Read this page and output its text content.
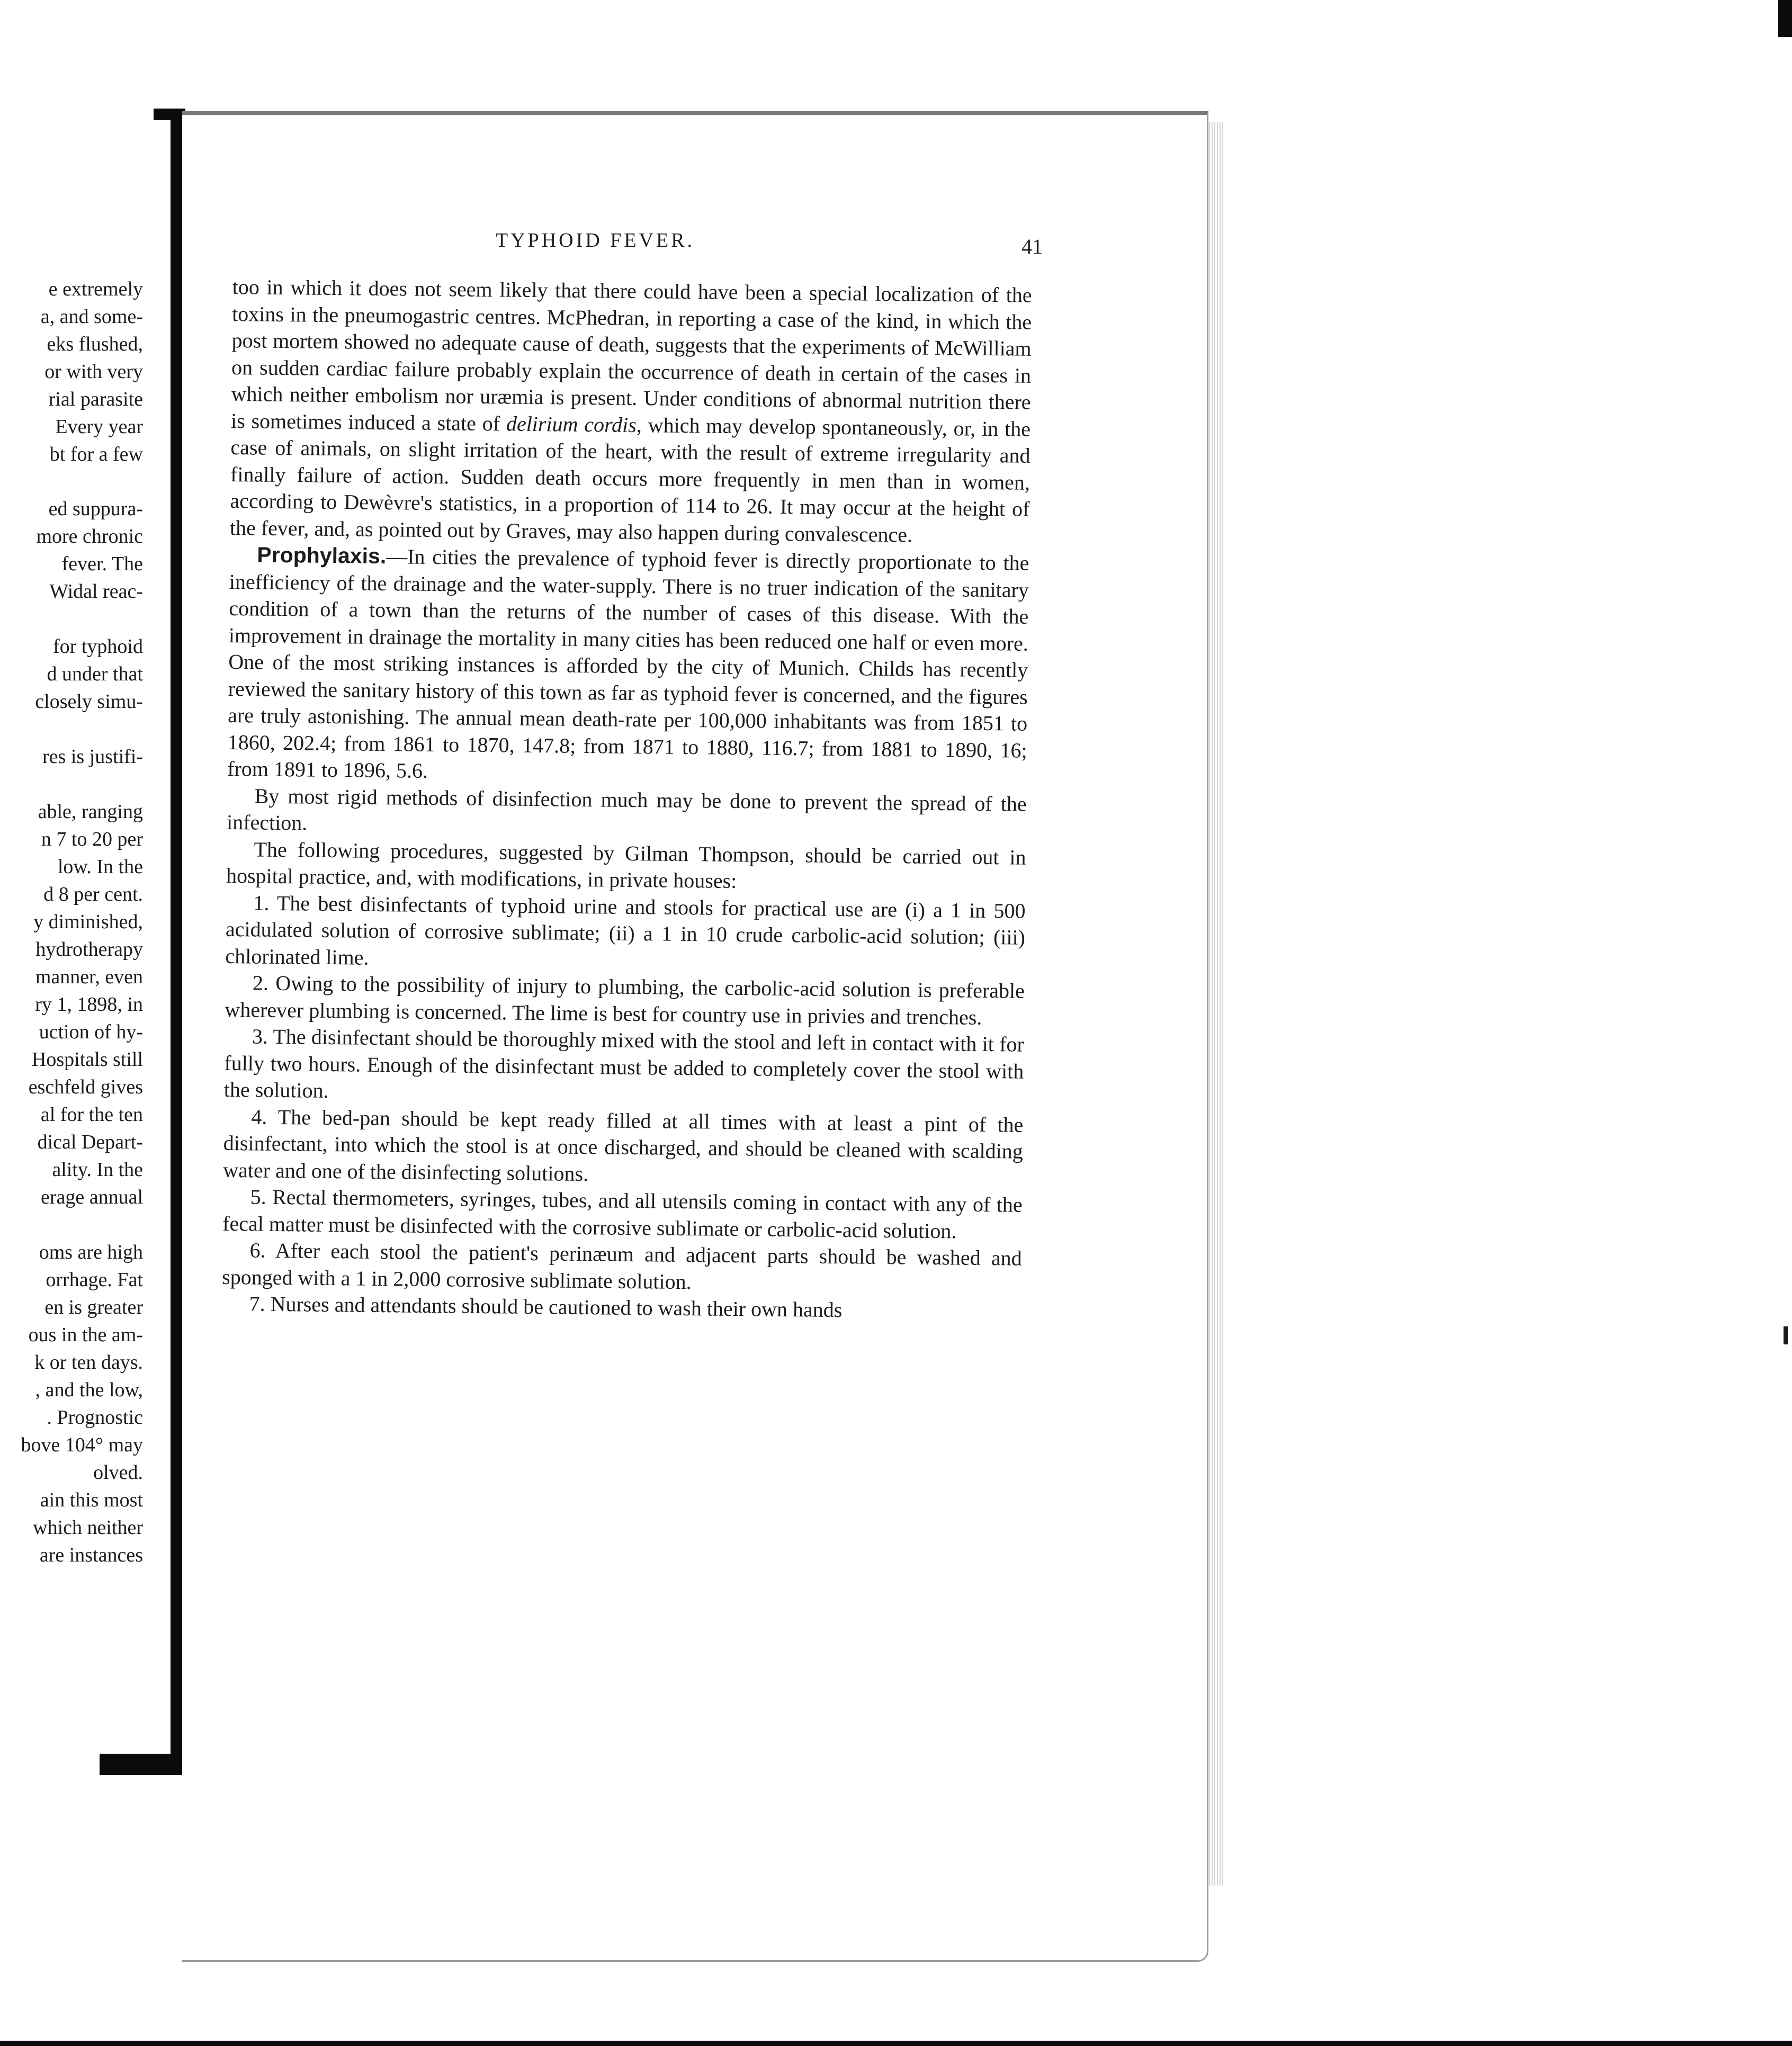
e extremely
a, and some-
eks flushed,
or with very
rial parasite
Every year
bt for a few
ed suppura-
more chronic
fever. The
Widal reac-
for typhoid
d under that
closely simu-
res is justifi-
able, ranging
n 7 to 20 per
low. In the
d 8 per cent.
y diminished,
hydrotherapy
manner, even
ry 1, 1898, in
uction of hy-
Hospitals still
eschfeld gives
al for the ten
dical Depart-
ality. In the
erage annual
oms are high
orrhage. Fat
en is greater
ous in the am-
k or ten days.
, and the low,
. Prognostic
bove 104° may
olved.
ain this most
which neither
are instances
TYPHOID FEVER.	41

too in which it does not seem likely that there could have been a special localization of the toxins in the pneumogastric centres. McPhedran, in reporting a case of the kind, in which the post mortem showed no adequate cause of death, suggests that the experiments of McWilliam on sudden cardiac failure probably explain the occurrence of death in certain of the cases in which neither embolism nor uræmia is present. Under conditions of abnormal nutrition there is sometimes induced a state of delirium cordis, which may develop spontaneously, or, in the case of animals, on slight irritation of the heart, with the result of extreme irregularity and finally failure of action. Sudden death occurs more frequently in men than in women, according to Dewèvre's statistics, in a proportion of 114 to 26. It may occur at the height of the fever, and, as pointed out by Graves, may also happen during convalescence.

Prophylaxis.—In cities the prevalence of typhoid fever is directly proportionate to the inefficiency of the drainage and the water-supply. There is no truer indication of the sanitary condition of a town than the returns of the number of cases of this disease. With the improvement in drainage the mortality in many cities has been reduced one half or even more. One of the most striking instances is afforded by the city of Munich. Childs has recently reviewed the sanitary history of this town as far as typhoid fever is concerned, and the figures are truly astonishing. The annual mean death-rate per 100,000 inhabitants was from 1851 to 1860, 202.4; from 1861 to 1870, 147.8; from 1871 to 1880, 116.7; from 1881 to 1890, 16; from 1891 to 1896, 5.6.

By most rigid methods of disinfection much may be done to prevent the spread of the infection.

The following procedures, suggested by Gilman Thompson, should be carried out in hospital practice, and, with modifications, in private houses:

1. The best disinfectants of typhoid urine and stools for practical use are (i) a 1 in 500 acidulated solution of corrosive sublimate; (ii) a 1 in 10 crude carbolic-acid solution; (iii) chlorinated lime.

2. Owing to the possibility of injury to plumbing, the carbolic-acid solution is preferable wherever plumbing is concerned. The lime is best for country use in privies and trenches.

3. The disinfectant should be thoroughly mixed with the stool and left in contact with it for fully two hours. Enough of the disinfectant must be added to completely cover the stool with the solution.

4. The bed-pan should be kept ready filled at all times with at least a pint of the disinfectant, into which the stool is at once discharged, and should be cleaned with scalding water and one of the disinfecting solutions.

5. Rectal thermometers, syringes, tubes, and all utensils coming in contact with any of the fecal matter must be disinfected with the corrosive sublimate or carbolic-acid solution.

6. After each stool the patient's perinæum and adjacent parts should be washed and sponged with a 1 in 2,000 corrosive sublimate solution.

7. Nurses and attendants should be cautioned to wash their own hands
